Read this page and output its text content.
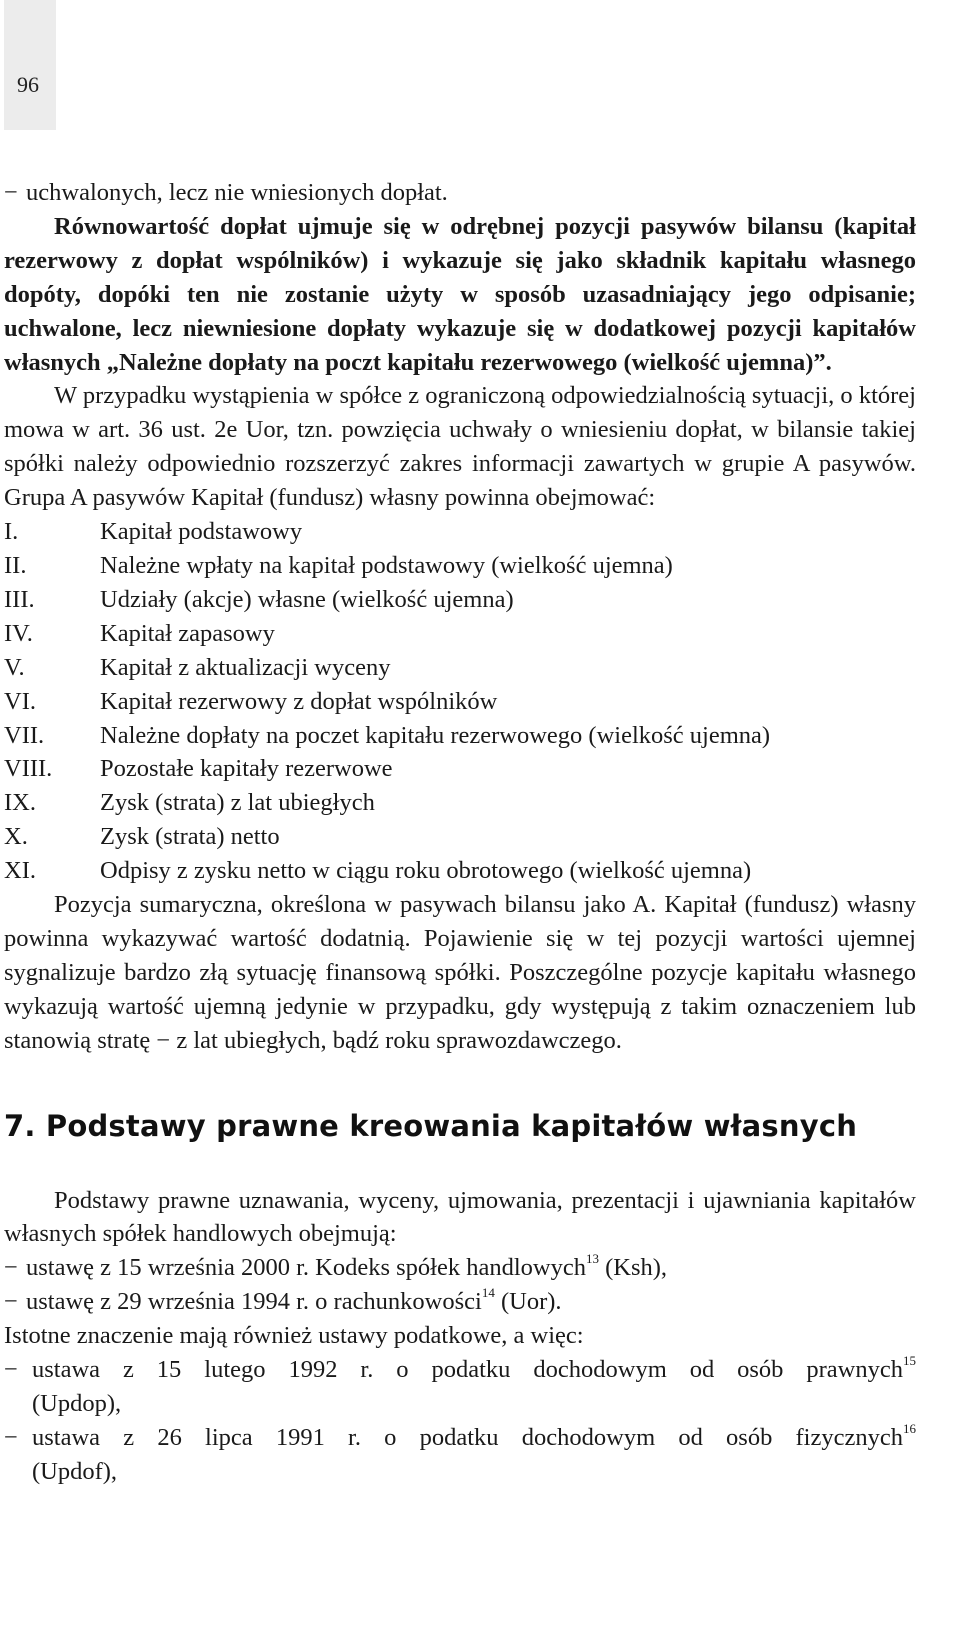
96

− uchwalonych, lecz nie wniesionych dopłat.

Równowartość dopłat ujmuje się w odrębnej pozycji pasywów bilansu (kapitał rezerwowy z dopłat wspólników) i wykazuje się jako składnik kapitału własnego dopóty, dopóki ten nie zostanie użyty w sposób uzasadniający jego odpisanie; uchwalone, lecz niewniesione dopłaty wykazuje się w dodatkowej pozycji kapitałów własnych „Należne dopłaty na poczt kapitału rezerwowego (wielkość ujemna)”.

W przypadku wystąpienia w spółce z ograniczoną odpowiedzialnością sytuacji, o której mowa w art. 36 ust. 2e Uor, tzn. powzięcia uchwały o wniesieniu dopłat, w bilansie takiej spółki należy odpowiednio rozszerzyć zakres informacji zawartych w grupie A pasywów. Grupa A pasywów Kapitał (fundusz) własny powinna obejmować:

I.	Kapitał podstawowy
II.	Należne wpłaty na kapitał podstawowy (wielkość ujemna)
III.	Udziały (akcje) własne (wielkość ujemna)
IV.	Kapitał zapasowy
V.	Kapitał z aktualizacji wyceny
VI.	Kapitał rezerwowy z dopłat wspólników
VII.	Należne dopłaty na poczet kapitału rezerwowego (wielkość ujemna)
VIII.	Pozostałe kapitały rezerwowe
IX.	Zysk (strata) z lat ubiegłych
X.	Zysk (strata) netto
XI.	Odpisy z zysku netto w ciągu roku obrotowego (wielkość ujemna)

Pozycja sumaryczna, określona w pasywach bilansu jako A. Kapitał (fundusz) własny powinna wykazywać wartość dodatnią. Pojawienie się w tej pozycji wartości ujemnej sygnalizuje bardzo złą sytuację finansową spółki. Poszczególne pozycje kapitału własnego wykazują wartość ujemną jedynie w przypadku, gdy występują z takim oznaczeniem lub stanowią stratę − z lat ubiegłych, bądź roku sprawozdawczego.

7. Podstawy prawne kreowania kapitałów własnych

Podstawy prawne uznawania, wyceny, ujmowania, prezentacji i ujawniania kapitałów własnych spółek handlowych obejmują:

− ustawę z 15 września 2000 r. Kodeks spółek handlowych$^{13}$ (Ksh),

− ustawę z 29 września 1994 r. o rachunkowości$^{14}$ (Uor).

Istotne znaczenie mają również ustawy podatkowe, a więc:

− ustawa z 15 lutego 1992 r. o podatku dochodowym od osób prawnych$^{15}$
(Updop),
− ustawa z 26 lipca 1991 r. o podatku dochodowym od osób fizycznych$^{16}$
(Updof),
